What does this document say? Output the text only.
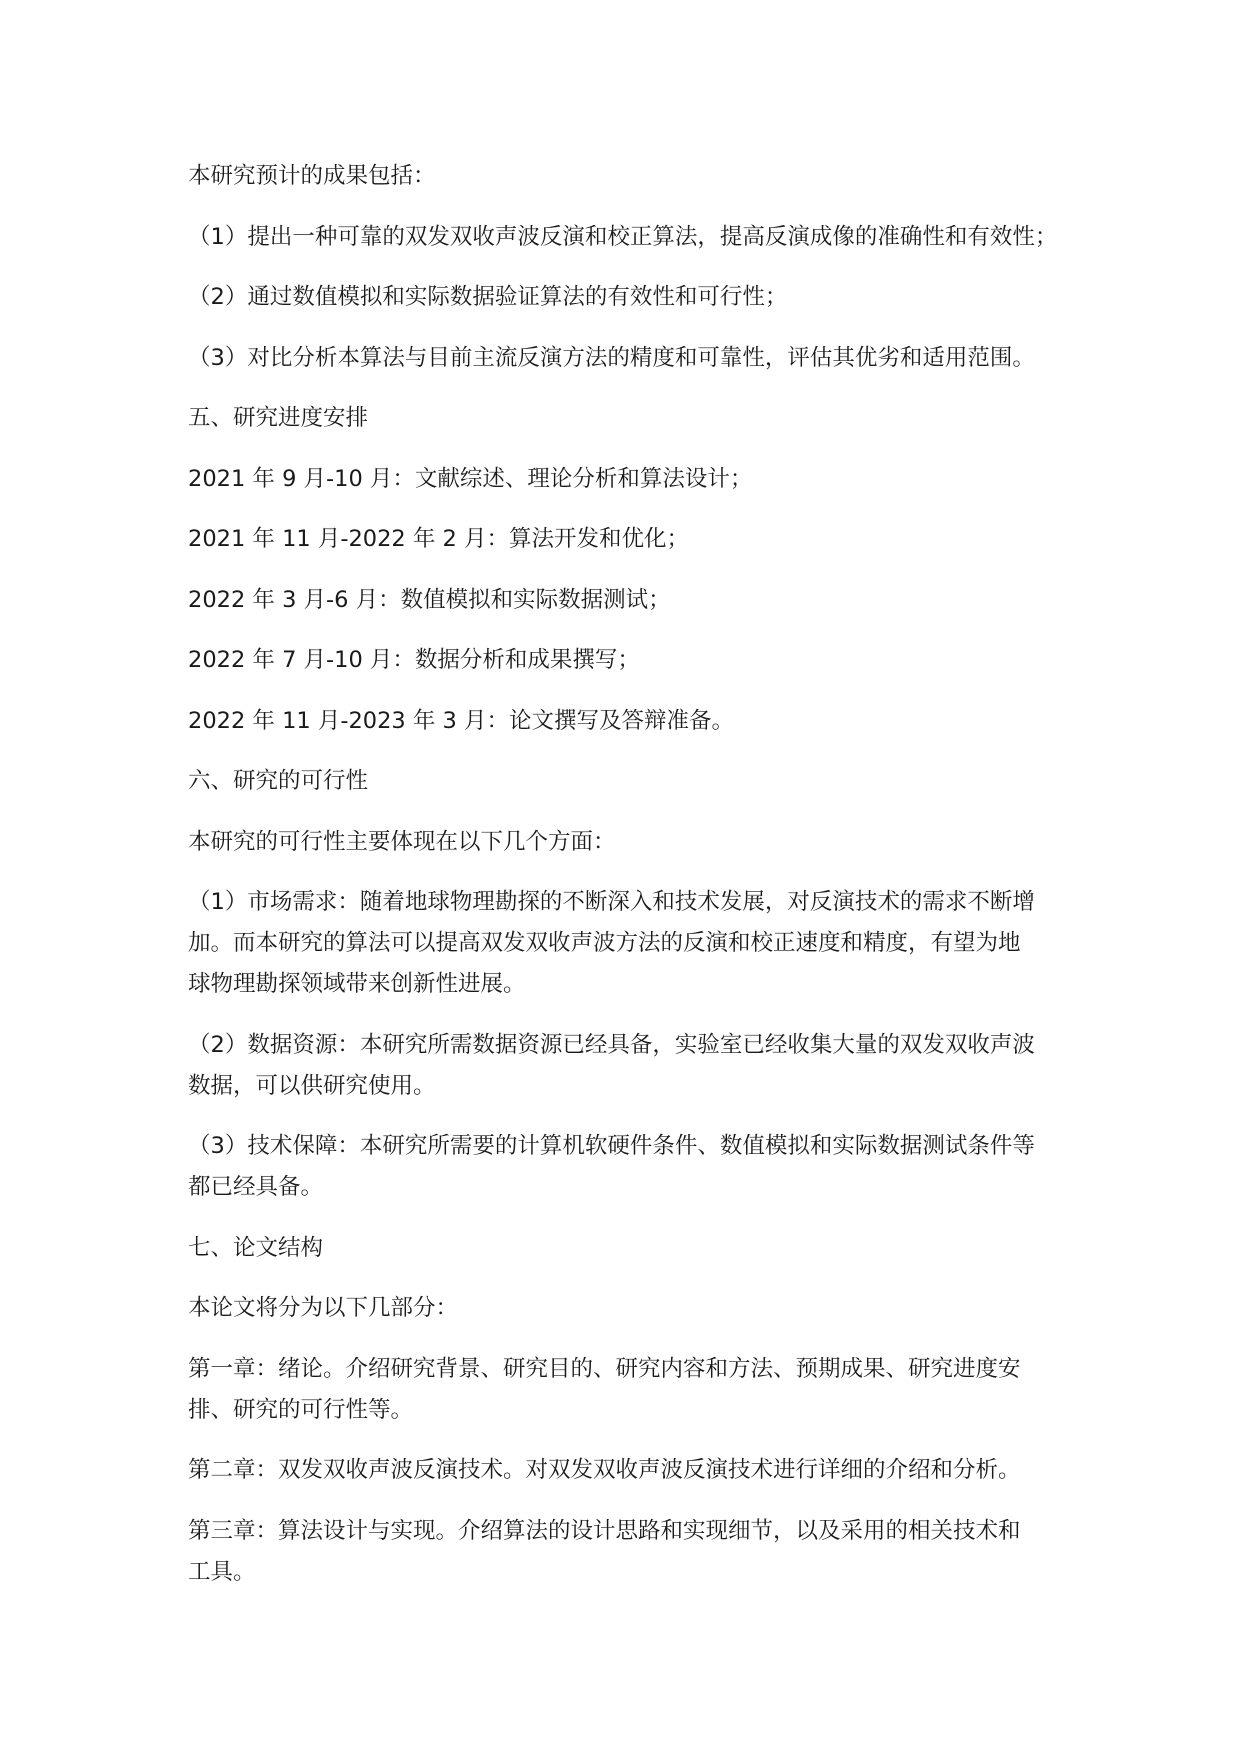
本研究预计的成果包括：

（1）提出一种可靠的双发双收声波反演和校正算法，提高反演成像的准确性和有效性；

（2）通过数值模拟和实际数据验证算法的有效性和可行性；

（3）对比分析本算法与目前主流反演方法的精度和可靠性，评估其优劣和适用范围。

五、研究进度安排

2021 年 9 月-10 月：文献综述、理论分析和算法设计；

2021 年 11 月-2022 年 2 月：算法开发和优化；

2022 年 3 月-6 月：数值模拟和实际数据测试；

2022 年 7 月-10 月：数据分析和成果撰写；

2022 年 11 月-2023 年 3 月：论文撰写及答辩准备。

六、研究的可行性

本研究的可行性主要体现在以下几个方面：

（1）市场需求：随着地球物理勘探的不断深入和技术发展，对反演技术的需求不断增

加。而本研究的算法可以提高双发双收声波方法的反演和校正速度和精度，有望为地

球物理勘探领域带来创新性进展。

（2）数据资源：本研究所需数据资源已经具备，实验室已经收集大量的双发双收声波

数据，可以供研究使用。

（3）技术保障：本研究所需要的计算机软硬件条件、数值模拟和实际数据测试条件等

都已经具备。

七、论文结构

本论文将分为以下几部分：

第一章：绪论。介绍研究背景、研究目的、研究内容和方法、预期成果、研究进度安

排、研究的可行性等。

第二章：双发双收声波反演技术。对双发双收声波反演技术进行详细的介绍和分析。

第三章：算法设计与实现。介绍算法的设计思路和实现细节，以及采用的相关技术和

工具。
